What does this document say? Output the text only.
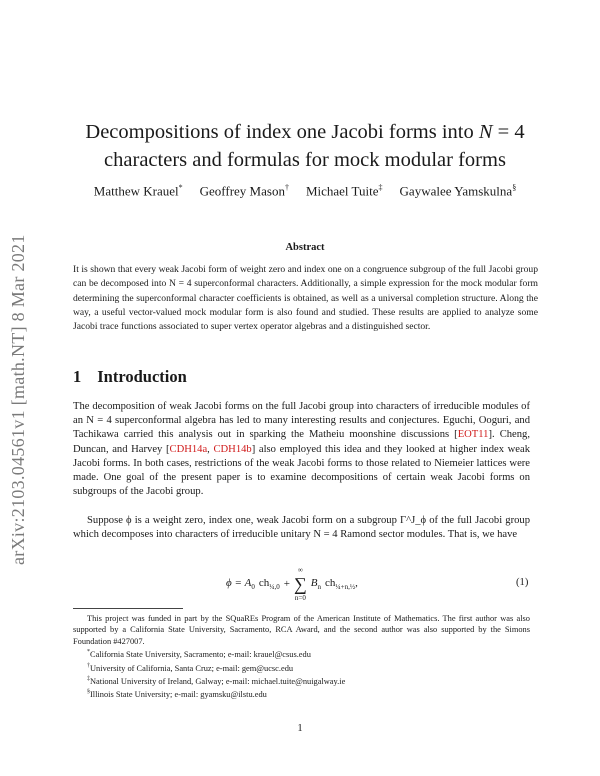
arXiv:2103.04561v1 [math.NT] 8 Mar 2021
Decompositions of index one Jacobi forms into N = 4
characters and formulas for mock modular forms
Matthew Krauel* Geoffrey Mason† Michael Tuite‡ Gaywalee Yamskulna§
Abstract
It is shown that every weak Jacobi form of weight zero and index one on a congruence subgroup of the full Jacobi group can be decomposed into N = 4 superconformal characters. Additionally, a simple expression for the mock modular form determining the superconformal character coefficients is obtained, as well as a universal completion structure. Along the way, a useful vector-valued mock modular form is also found and studied. These results are applied to analyze some Jacobi trace functions associated to super vertex operator algebras and a distinguished sector.
1 Introduction
The decomposition of weak Jacobi forms on the full Jacobi group into characters of irreducible modules of an N = 4 superconformal algebra has led to many interesting results and conjectures. Eguchi, Ooguri, and Tachikawa carried this analysis out in sparking the Matheiu moonshine discussions [EOT11]. Cheng, Duncan, and Harvey [CDH14a, CDH14b] also employed this idea and they looked at higher index weak Jacobi forms. In both cases, restrictions of the weak Jacobi forms to those related to Niemeier lattices were made. One goal of the present paper is to examine decompositions of certain weak Jacobi forms on subgroups of the Jacobi group.
Suppose ϕ is a weight zero, index one, weak Jacobi form on a subgroup Γ^J_ϕ of the full Jacobi group which decomposes into characters of irreducible unitary N = 4 Ramond sector modules. That is, we have
$\phi = A_0$ $ch_{\frac{1}{4},0}$ +
∞
∑
n=0
$B_n$ $ch_{\frac{1}{4}+n,\frac{1}{2}}$,	(1)
This project was funded in part by the SQuaREs Program of the American Institute of Mathematics. The first author was also supported by a California State University, Sacramento, RCA Award, and the second author was also supported by the Simons Foundation #427007.
*California State University, Sacramento; e-mail: krauel@csus.edu
†University of California, Santa Cruz; e-mail: gem@ucsc.edu
‡National University of Ireland, Galway; e-mail: michael.tuite@nuigalway.ie
§Illinois State University; e-mail: gyamsku@ilstu.edu
1
